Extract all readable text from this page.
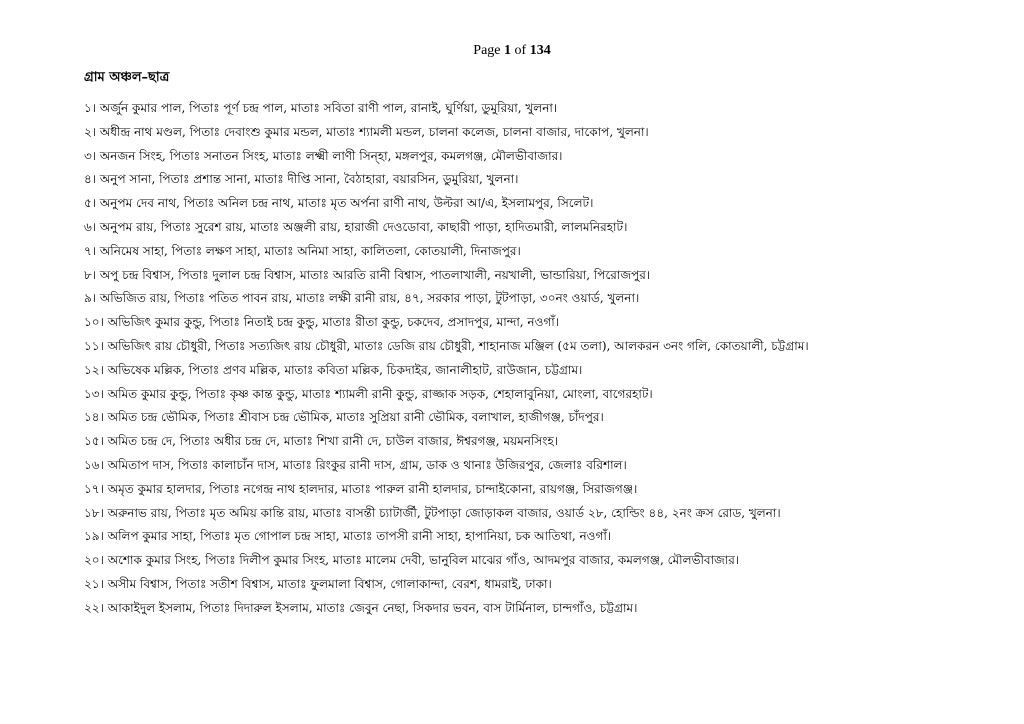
Page 1 of 134
গ্রাম অঞ্চল–ছাত্র
১। অর্জুন কুমার পাল, পিতাঃ পূর্ণ চন্দ্র পাল, মাতাঃ সবিতা রাণী পাল, রানাই, ঘুর্ণিয়া, ডুমুরিয়া, খুলনা।
২। অধীন্দ্র নাথ মণ্ডল, পিতাঃ দেবাংশু কুমার মন্ডল, মাতাঃ শ্যামলী মন্ডল, চালনা কলেজ, চালনা বাজার, দাকোপ, খুলনা।
৩। অনজন সিংহ, পিতাঃ সনাতন সিংহ, মাতাঃ লক্ষ্মী লাণী সিন্‌হা, মঙ্গলপুর, কমলগঞ্জ, মৌলভীবাজার।
৪। অনুপ সানা, পিতাঃ প্রশান্ত সানা, মাতাঃ দীপ্তি সানা, বৈঠাহারা, বয়ারসিন, ডুমুরিয়া, খুলনা।
৫। অনুপম দেব নাথ, পিতাঃ অনিল চন্দ্র নাথ, মাতাঃ মৃত অর্পনা রাণী নাথ, উল্টরা আ/এ, ইসলামপুর, সিলেট।
৬। অনুপম রায়, পিতাঃ সুরেশ রায়, মাতাঃ অঞ্জলী রায়, হারাজী দেওডোবা, কাছারী পাড়া, হাদিতমারী, লালমনিরহাট।
৭। অনিমেষ সাহা, পিতাঃ লক্ষণ সাহা, মাতাঃ অনিমা সাহা, কালিতলা, কোতয়ালী, দিনাজপুর।
৮। অপু চন্দ্র বিশ্বাস, পিতাঃ দুলাল চন্দ্র বিশ্বাস, মাতাঃ আরতি রানী বিশ্বাস, পাতলাখালী, নয়খালী, ভান্ডারিয়া, পিরোজপুর।
৯। অভিজিত রায়, পিতাঃ পতিত পাবন রায়, মাতাঃ লক্ষী রানী রায়, ৪৭, সরকার পাড়া, টুটপাড়া, ৩০নং ওয়ার্ড, খুলনা।
১০। অভিজিৎ কুমার কুন্ডু, পিতাঃ নিতাই চন্দ্র কুন্ডু, মাতাঃ রীতা কুন্ডু, চকদেব, প্রসাদপুর, মান্দা, নওগাঁ।
১১। অভিজিৎ রায় চৌধুরী, পিতাঃ সত্যজিৎ রায় চৌধুরী, মাতাঃ ডেজি রায় চৌধুরী, শাহানাজ মঞ্জিল (৫ম তলা), আলকরন ৩নং গলি, কোতয়ালী, চট্টগ্রাম।
১২। অভিষেক মল্লিক, পিতাঃ প্রণব মল্লিক, মাতাঃ কবিতা মল্লিক, চিকদাইর, জানালীহাট, রাউজান, চট্টগ্রাম।
১৩। অমিত কুমার কুন্ডু, পিতাঃ কৃষ্ণ কান্ত কুন্ডু, মাতাঃ শ্যামলী রানী কুন্ডু, রাজ্জাক সড়ক, শেহালাবুনিয়া, মোংলা, বাগেরহাট।
১৪। অমিত চন্দ্র ভৌমিক, পিতাঃ শ্রীবাস চন্দ্র ভৌমিক, মাতাঃ সুপ্রিয়া রানী ভৌমিক, বলাখাল, হাজীগঞ্জ, চাঁদপুর।
১৫। অমিত চন্দ্র দে, পিতাঃ অধীর চন্দ্র দে, মাতাঃ শিখা রানী দে, চাউল বাজার, ঈশ্বরগঞ্জ, ময়মনসিংহ।
১৬। অমিতাপ দাস, পিতাঃ কালাচাঁন দাস, মাতাঃ রিংকুর রানী দাস, গ্রাম, ডাক ও থানাঃ উজিরপুর, জেলাঃ বরিশাল।
১৭। অমৃত কুমার হালদার, পিতাঃ নগেন্দ্র নাথ হালদার, মাতাঃ পারুল রানী হালদার, চান্দাইকোনা, রায়গঞ্জ, সিরাজগঞ্জ।
১৮। অরুনাভ রায়, পিতাঃ মৃত অমিয় কান্তি রায়, মাতাঃ বাসন্তী চ্যাটার্জী, টুটপাড়া জোড়াকল বাজার, ওয়ার্ড ২৮, হোল্ডিং ৪৪, ২নং ক্রস রোড, খুলনা।
১৯। অলিপ কুমার সাহা, পিতাঃ মৃত গোপাল চন্দ্র সাহা, মাতাঃ তাপসী রানী সাহা, হাপানিয়া, চক আতিথা, নওগাঁ।
২০। অশোক কুমার সিংহ, পিতাঃ দিলীপ কুমার সিংহ, মাতাঃ মালেম দেবী, ভানুবিল মাঝের গাঁও, আদমপুর বাজার, কমলগঞ্জ, মৌলভীবাজার।
২১। অসীম বিশ্বাস, পিতাঃ সতীশ বিশ্বাস, মাতাঃ ফুলমালা বিশ্বাস, গোলাকান্দা, বেরশ, ধামরাই, ঢাকা।
২২। আকাইদুল ইসলাম, পিতাঃ দিদারুল ইসলাম, মাতাঃ জেবুন নেছা, সিকদার ভবন, বাস টার্মিনাল, চান্দগাঁও, চট্টগ্রাম।
